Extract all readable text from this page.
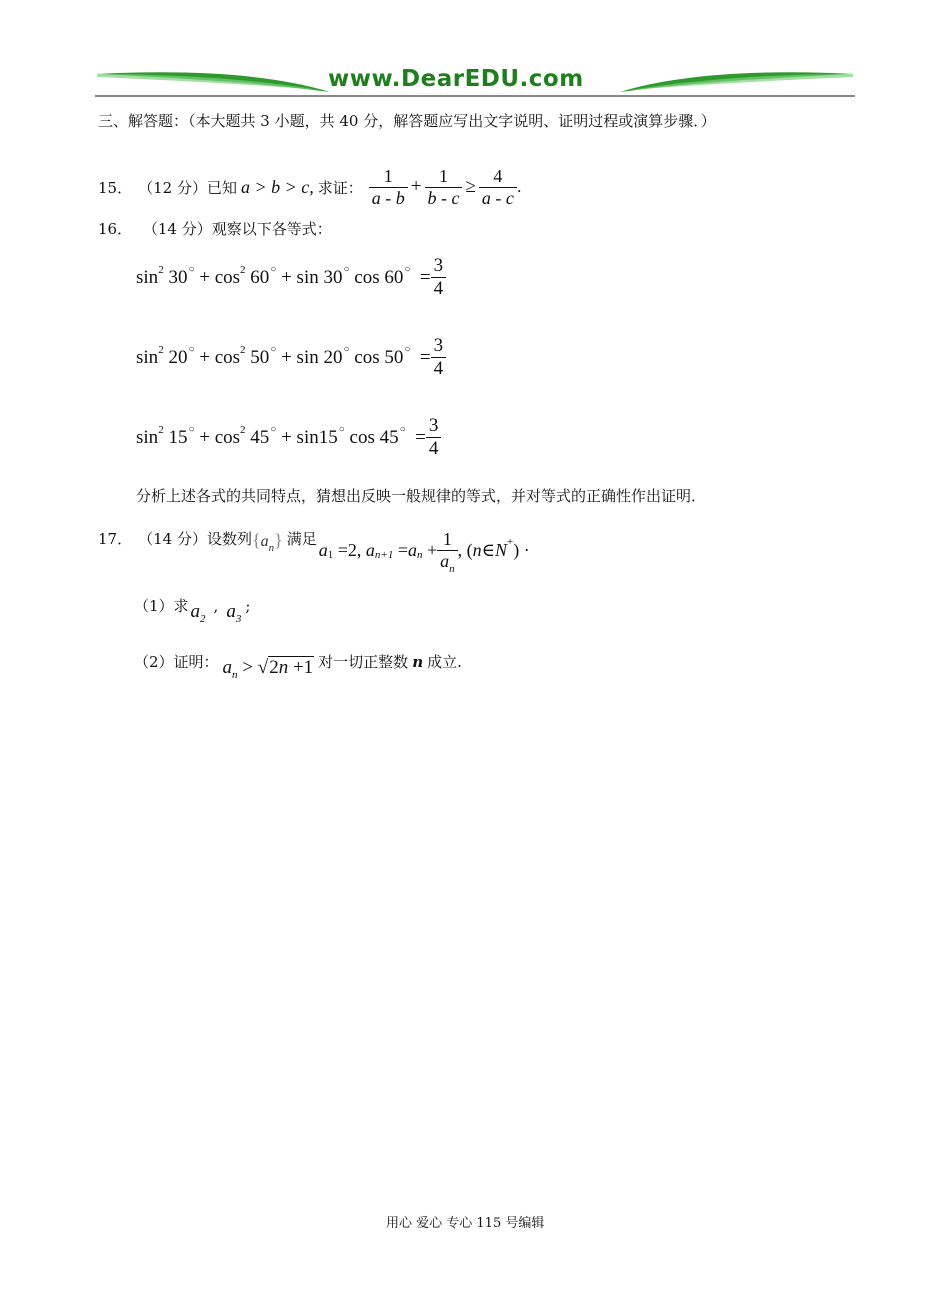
www.DearEDU.com
三、解答题：（本大题共 3 小题，共 40 分，解答题应写出文字说明、证明过程或演算步骤．）
15． （12 分） 已知 a > b > c, 求证： $\frac{1}{a - b} + \frac{1}{b - c} \ge \frac{4}{a - c}$ .
16． （14 分）观察以下各等式：
sin 2
30 ○ + cos 2
60 ○ + sin 30 ○ cos 60 ○ = $\frac{3}{4}$
sin 2
20 ○ + cos 2
50 ○ + sin 20 ○ cos 50 ○ = $\frac{3}{4}$
sin 2
15 ○ + cos 2
45 ○ + sin 15 ○ cos 45 ○ = $\frac{3}{4}$
分析上述各式的共同特点，猜想出反映一般规律的等式，并对等式的正确性作出证明．
17． （14 分） 设数列 $\{a_n\}$ 满足
a 1 =2, a n+1 = a $n + \frac{1}{a_n}$ , ( n ∈ N + ) ·
（1）求 $a_2$
, $a_3$
;
（2）证明： $a_n > √2n +1$ 对一切正整数 n 成立.
用心 爱心 专心 115 号编辑
